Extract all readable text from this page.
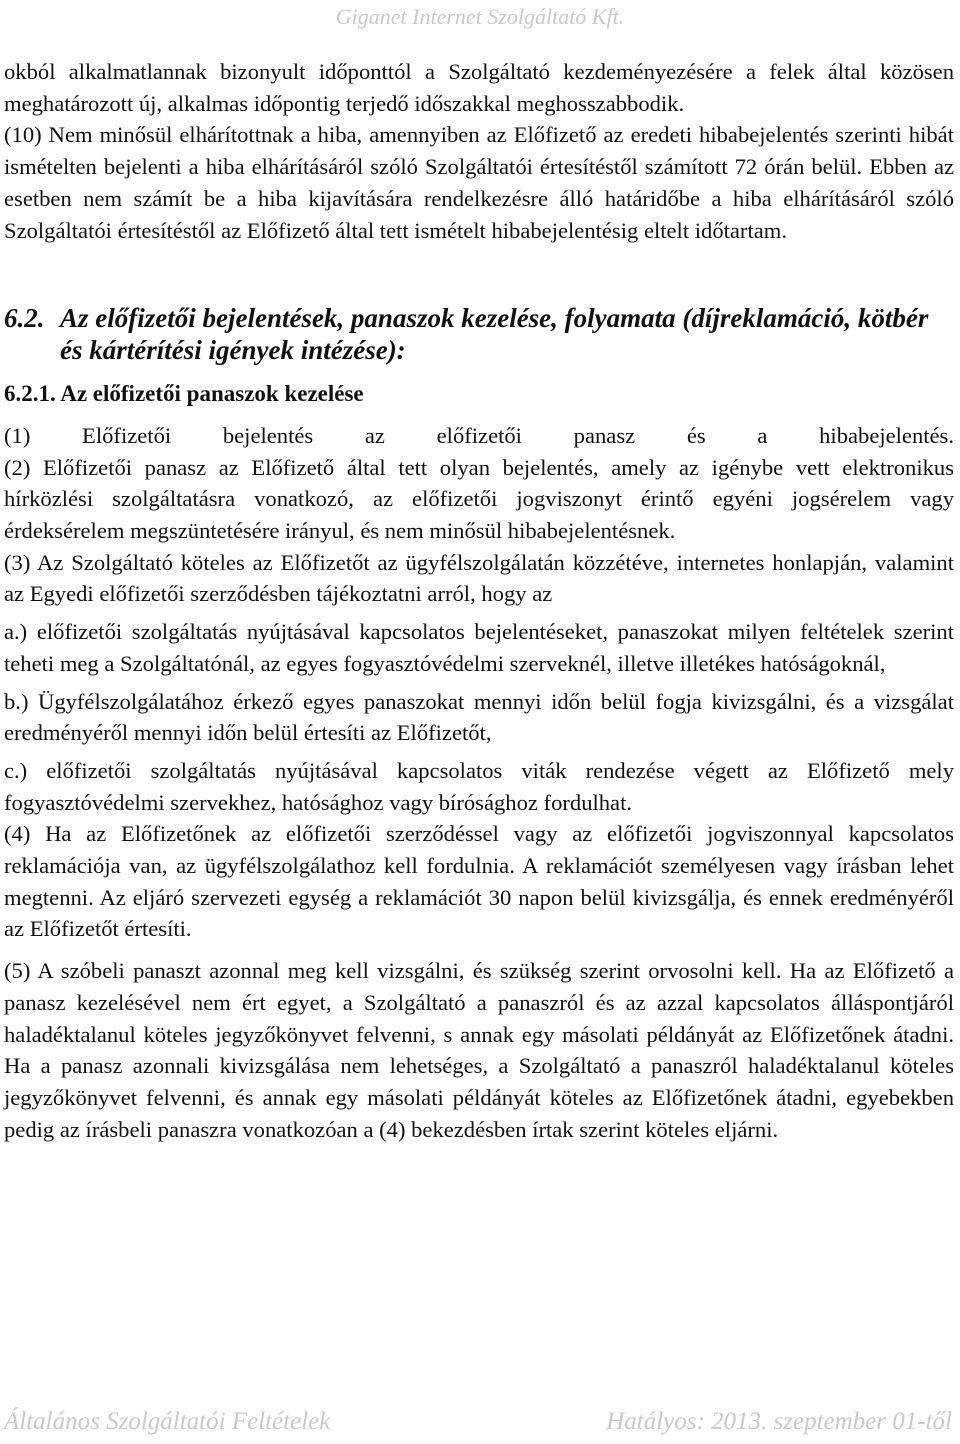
Giganet Internet Szolgáltató Kft.

okból alkalmatlannak bizonyult időponttól a Szolgáltató kezdeményezésére a felek által közösen meghatározott új, alkalmas időpontig terjedő időszakkal meghosszabbodik.

(10) Nem minősül elhárítottnak a hiba, amennyiben az Előfizető az eredeti hibabejelentés szerinti hibát ismételten bejelenti a hiba elhárításáról szóló Szolgáltatói értesítéstől számított 72 órán belül. Ebben az esetben nem számít be a hiba kijavítására rendelkezésre álló határidőbe a hiba elhárításáról szóló Szolgáltatói értesítéstől az Előfizető által tett ismételt hibabejelentésig eltelt időtartam.

6.2. Az előfizetői bejelentések, panaszok kezelése, folyamata (díjreklamáció, kötbér és kártérítési igények intézése):
6.2.1. Az előfizetői panaszok kezelése

(1) Előfizetői bejelentés az előfizetői panasz és a hibabejelentés.

(2) Előfizetői panasz az Előfizető által tett olyan bejelentés, amely az igénybe vett elektronikus hírközlési szolgáltatásra vonatkozó, az előfizetői jogviszonyt érintő egyéni jogsérelem vagy érdeksérelem megszüntetésére irányul, és nem minősül hibabejelentésnek.

(3) Az Szolgáltató köteles az Előfizetőt az ügyfélszolgálatán közzétéve, internetes honlapján, valamint az Egyedi előfizetői szerződésben tájékoztatni arról, hogy az

a.) előfizetői szolgáltatás nyújtásával kapcsolatos bejelentéseket, panaszokat milyen feltételek szerint teheti meg a Szolgáltatónál, az egyes fogyasztóvédelmi szerveknél, illetve illetékes hatóságoknál,

b.) Ügyfélszolgálatához érkező egyes panaszokat mennyi időn belül fogja kivizsgálni, és a vizsgálat eredményéről mennyi időn belül értesíti az Előfizetőt,

c.) előfizetői szolgáltatás nyújtásával kapcsolatos viták rendezése végett az Előfizető mely fogyasztóvédelmi szervekhez, hatósághoz vagy bírósághoz fordulhat.

(4) Ha az Előfizetőnek az előfizetői szerződéssel vagy az előfizetői jogviszonnyal kapcsolatos reklamációja van, az ügyfélszolgálathoz kell fordulnia. A reklamációt személyesen vagy írásban lehet megtenni. Az eljáró szervezeti egység a reklamációt 30 napon belül kivizsgálja, és ennek eredményéről az Előfizetőt értesíti.

(5) A szóbeli panaszt azonnal meg kell vizsgálni, és szükség szerint orvosolni kell. Ha az Előfizető a panasz kezelésével nem ért egyet, a Szolgáltató a panaszról és az azzal kapcsolatos álláspontjáról haladéktalanul köteles jegyzőkönyvet felvenni, s annak egy másolati példányát az Előfizetőnek átadni. Ha a panasz azonnali kivizsgálása nem lehetséges, a Szolgáltató a panaszról haladéktalanul köteles jegyzőkönyvet felvenni, és annak egy másolati példányát köteles az Előfizetőnek átadni, egyebekben pedig az írásbeli panaszra vonatkozóan a (4) bekezdésben írtak szerint köteles eljárni.

Általános Szolgáltatói Feltételek	Hatályos: 2013. szeptember 01-től
